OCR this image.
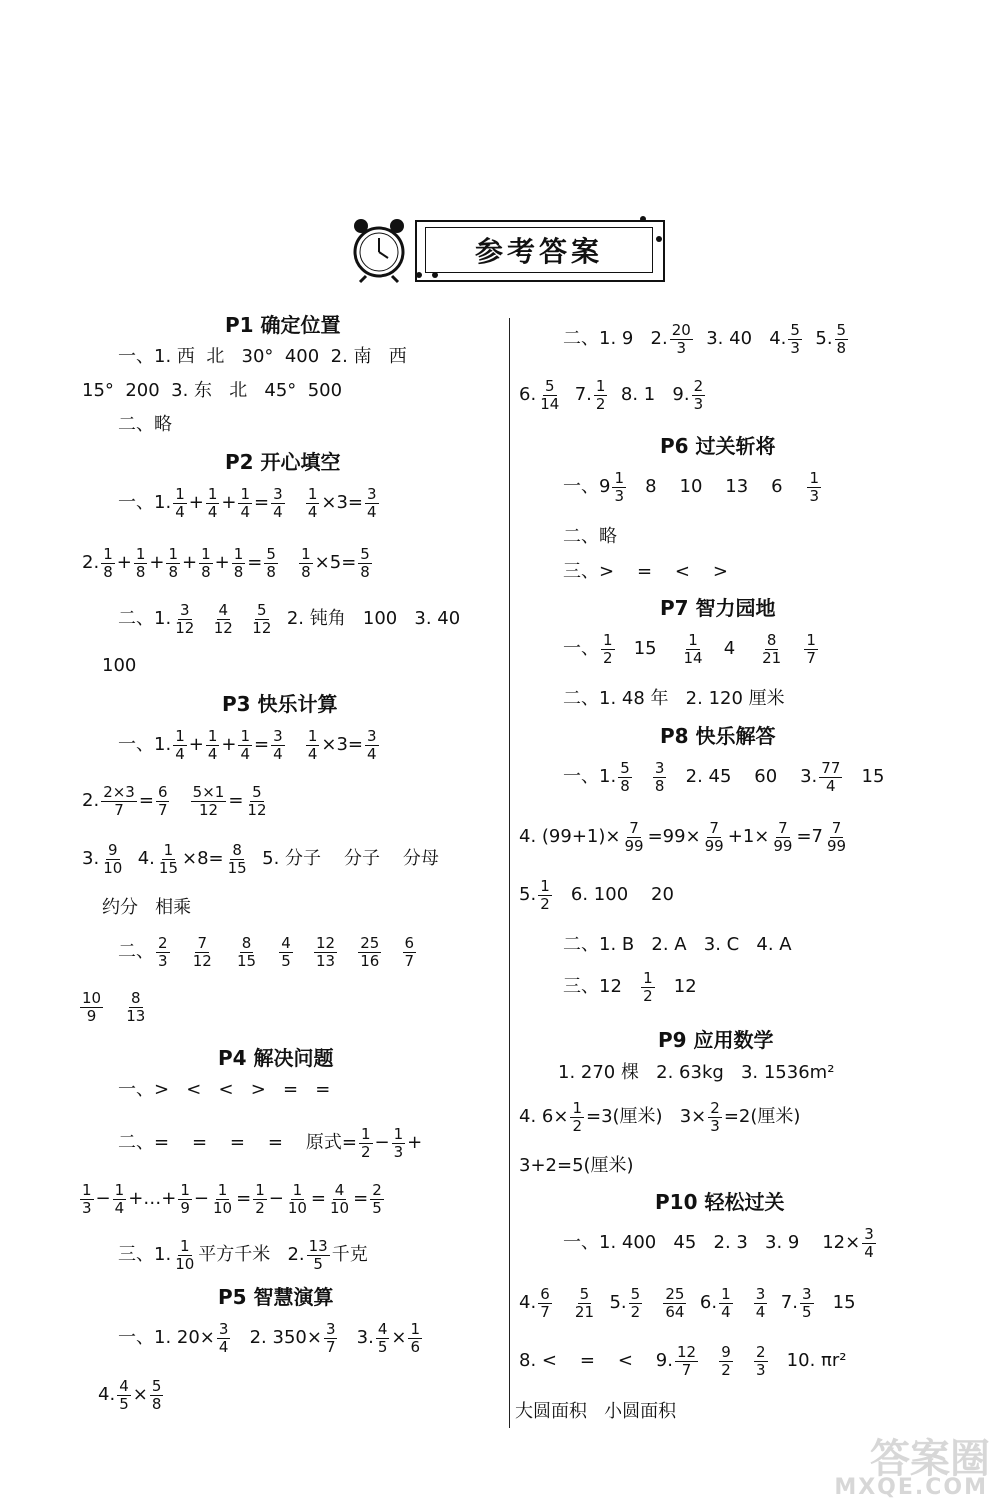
参考答案
P1 确定位置
一、1. 西  北   30°  400  2. 南   西
15°  200  3. 东   北   45°  500
二、略
P2 开心填空
一、1. $\frac{1}{4} + \frac{1}{4} + \frac{1}{4} = \frac{3}{4}$
$\frac{1}{4} \times 3= \frac{3}{4}$
2. $\frac{1}{8} + \frac{1}{8} + \frac{1}{8} + \frac{1}{8} + \frac{1}{8} = \frac{5}{8}$
$\frac{1}{8} \times 5= \frac{5}{8}$
二、1. $\frac{3}{12}$
$\frac{4}{12}$
$\frac{5}{12} 2$. 钝角   100   3. 40
100
P3 快乐计算
一、1. $\frac{1}{4} + \frac{1}{4} + \frac{1}{4} = \frac{3}{4}$
$\frac{1}{4} \times 3= \frac{3}{4}$
2. $\frac{2\times 3}{7} = \frac{6}{7}$
$\frac{5\times 1}{12} = \frac{5}{12}$
3. $\frac{9}{10} 4$. $\frac{1}{15} \times 8= \frac{8}{15} 5$. 分子    分子    分母
约分   相乘
二、 $\frac{2}{3}$
$\frac{7}{12}$
$\frac{8}{15}$
$\frac{4}{5}$
$\frac{12}{13}$
$\frac{25}{16}$
$\frac{6}{7}$
$\frac{10}{9}$
$\frac{8}{13}$
P4 解决问题
一、>   <   <   >   =   =
二、=    =    =    =    原式= $\frac{1}{2} - \frac{1}{3}$ +
$\frac{1}{3} - \frac{1}{4}$ +…+ $\frac{1}{9} - \frac{1}{10} = \frac{1}{2} - \frac{1}{10} = \frac{4}{10} = \frac{2}{5}$
三、1. $\frac{1}{10}$ 平方千米   2. $\frac{13}{5}$ 千克
P5 智慧演算
一、1. $20\times \frac{3}{4} 2$. $350\times \frac{3}{7} 3$. $\frac{4}{5} \times \frac{1}{6}$
4. $\frac{4}{5} \times \frac{5}{8}$
二、1. 9   2. $\frac{20}{3} 3$. 40   4. $\frac{5}{3} 5$. $\frac{5}{8}$
6. $\frac{5}{14} 7$. $\frac{1}{2} 8$. 1   9. $\frac{2}{3}$
P6 过关斩将
一、$9 \frac{1}{3} 8$    10    13    $6 \frac{1}{3}$
二、略
三、>    =    <    >
P7 智力园地
一、 $\frac{1}{2} 15 \frac{1}{14} 4 \frac{8}{21}$
$\frac{1}{7}$
二、1. 48 年   2. 120 厘米
P8 快乐解答
一、1. $\frac{5}{8}$
$\frac{3}{8} 2$. 45    60    3. $\frac{77}{4} 15$
4. $(99+1)\times \frac{7}{99} =99\times \frac{7}{99} +1\times \frac{7}{99} =7 \frac{7}{99}$
5. $\frac{1}{2} 6$. 100    20
二、1. B   2. A   3. C   4. A
三、$12 \frac{1}{2} 12$
P9 应用数学
1. 270 棵   2. 63kg   3. 1536m²
4. $6\times \frac{1}{2} =3$(厘米)   $3\times \frac{2}{3} =2$(厘米)
3+2=5(厘米)
P10 轻松过关
一、1. 400   45   2. 3   3. 9    $12\times \frac{3}{4}$
4. $\frac{6}{7}$
$\frac{5}{21} 5$. $\frac{5}{2}$
$\frac{25}{64} 6$. $\frac{1}{4}$
$\frac{3}{4} 7$. $\frac{3}{5} 15$
8. <    =    <    9. $\frac{12}{7}$
$\frac{9}{2}$
$\frac{2}{3} 10$. πr²
大圆面积   小圆面积
答案圈
MXQE.COM
